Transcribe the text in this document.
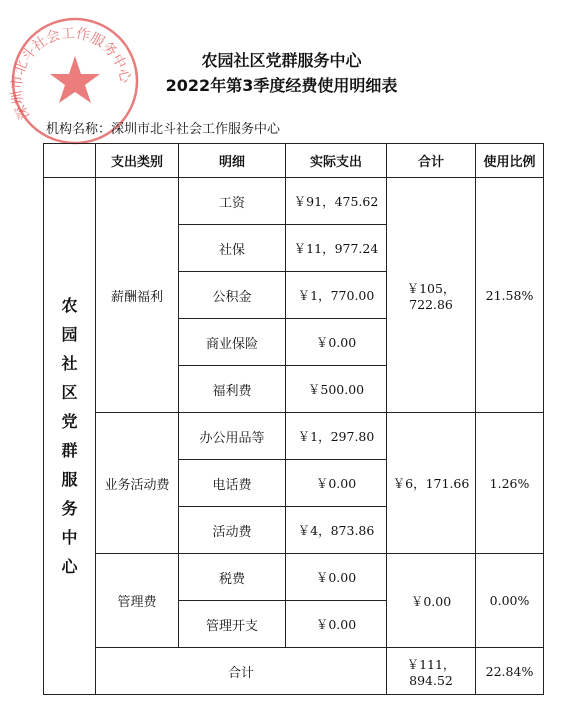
农园社区党群服务中心
2022年第3季度经费使用明细表
深圳市北斗社会工作服务中心
机构名称：深圳市北斗社会工作服务中心
	支出类别	明细	实际支出	合计	使用比例
农园社区党群服务中心	薪酬福利	工资	￥91，475.62	￥105，722.86	21.58%
		社保	￥11，977.24		
		公积金	￥1，770.00		
		商业保险	￥0.00		
		福利费	￥500.00		
	业务活动费	办公用品等	￥1，297.80	￥6，171.66	1.26%
		电话费	￥0.00		
		活动费	￥4，873.86		
	管理费	税费	￥0.00	￥0.00	0.00%
		管理开支	￥0.00		
	合计			￥111，894.52	22.84%
